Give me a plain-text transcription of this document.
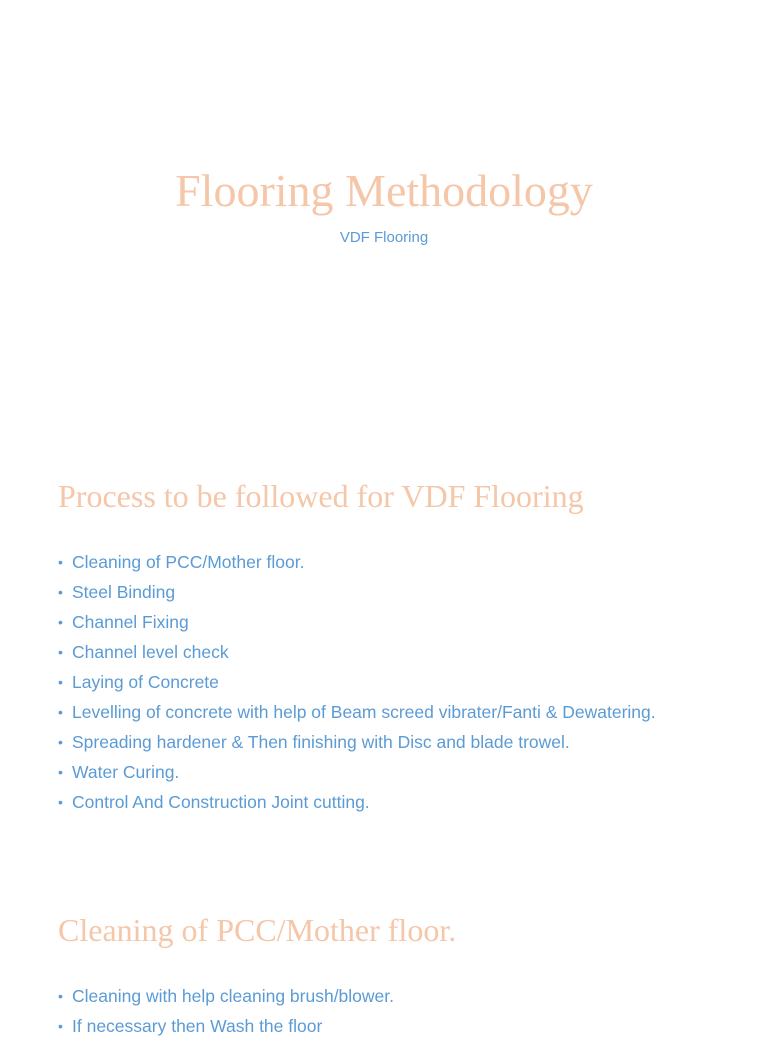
Flooring Methodology

VDF Flooring

Process to be followed for VDF Flooring
• Cleaning of PCC/Mother floor.
• Steel Binding
• Channel Fixing
• Channel level check
• Laying of Concrete
• Levelling of concrete with help of Beam screed vibrater/Fanti & Dewatering.
• Spreading hardener & Then finishing with Disc and blade trowel.
• Water Curing.
• Control And Construction Joint cutting.
Cleaning of PCC/Mother floor.
• Cleaning with help cleaning brush/blower.
• If necessary then Wash the floor
